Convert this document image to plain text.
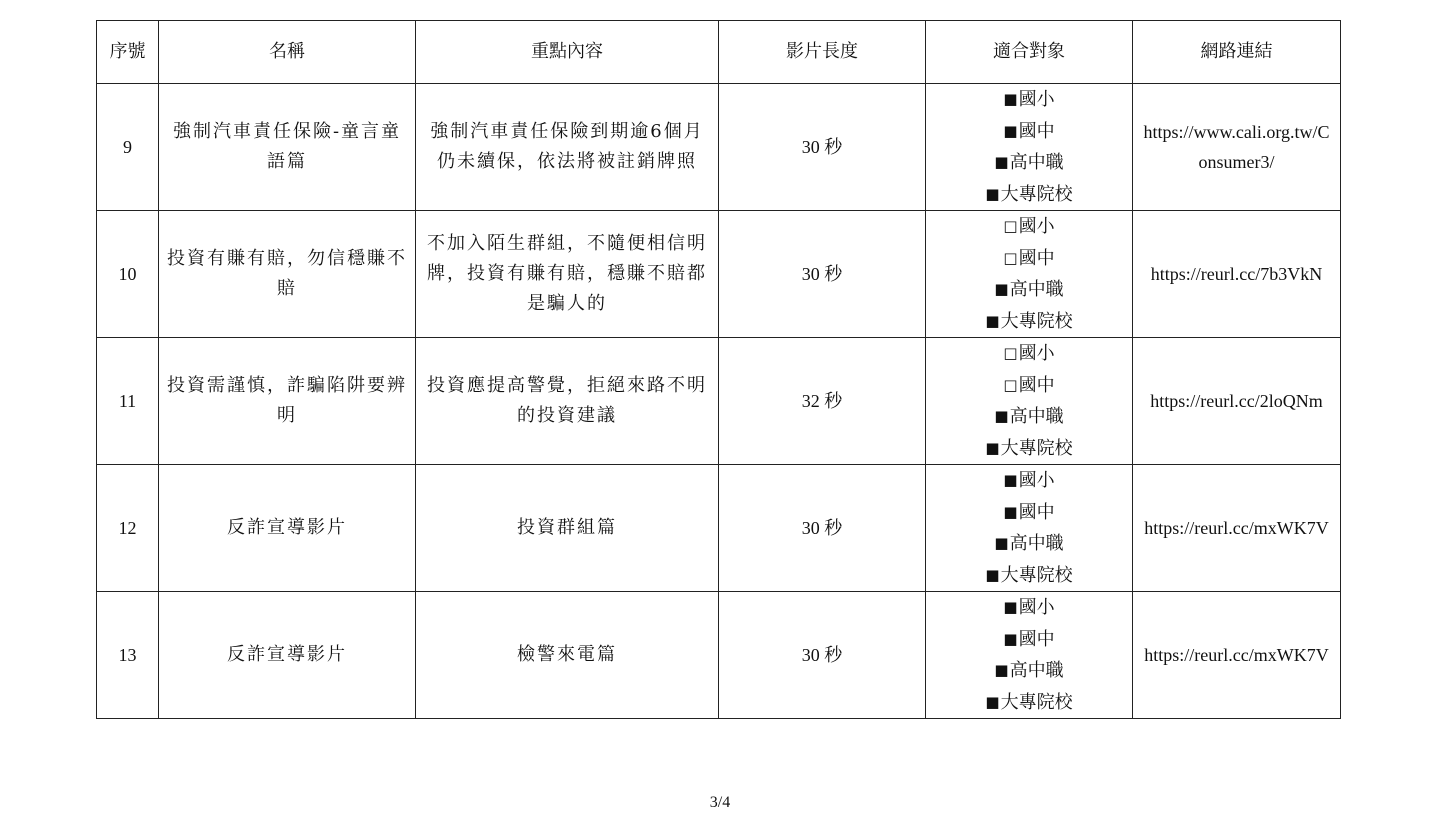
序號	名稱	重點內容	影片長度	適合對象	網路連結
9	強制汽車責任保險-童言童語篇	強制汽車責任保險到期逾6個月仍未續保，依法將被註銷牌照	30 秒	■國小
■國中
■高中職
■大專院校	https://www.cali.org.tw/Consumer3/
10	投資有賺有賠，勿信穩賺不賠	不加入陌生群組，不隨便相信明牌，投資有賺有賠，穩賺不賠都是騙人的	30 秒	□國小
□國中
■高中職
■大專院校	https://reurl.cc/7b3VkN
11	投資需謹慎，詐騙陷阱要辨明	投資應提高警覺，拒絕來路不明的投資建議	32 秒	□國小
□國中
■高中職
■大專院校	https://reurl.cc/2loQNm
12	反詐宣導影片	投資群組篇	30 秒	■國小
■國中
■高中職
■大專院校	https://reurl.cc/mxWK7V
13	反詐宣導影片	檢警來電篇	30 秒	■國小
■國中
■高中職
■大專院校	https://reurl.cc/mxWK7V
3/4
